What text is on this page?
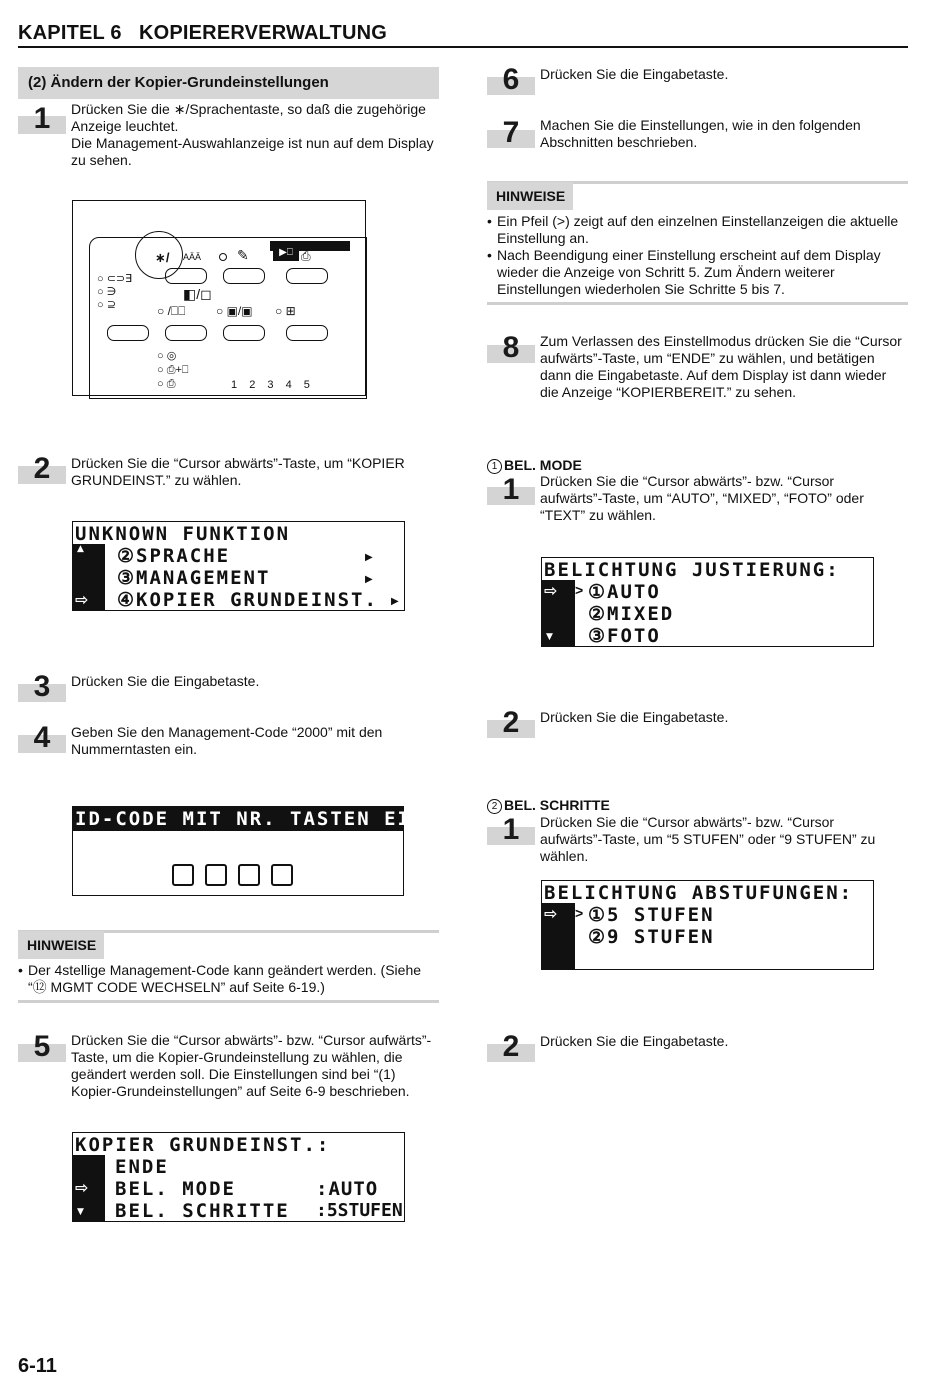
KAPITEL 6   KOPIERERVERWALTUNG
(2) Ändern der Kopier-Grundeinstellungen
1	Drücken Sie die ∗/Sprachentaste, so daß die zugehörige Anzeige leuchtet.
Die Management-Auswahlanzeige ist nun auf dem Display zu sehen.
∗/ AÄÄ	✎	▶⎕ ⎙
○ ⊂⊃∃
○ ∋
○ ⊇
◧/◻
○ /⎕⎕	○ ▣/▣ ○ ⊞
○ ◎
○ ⎙+⎕
○ ⎙	1 2 3 4 5
2	Drücken Sie die “Cursor abwärts”-Taste, um “KOPIER GRUNDEINST.” zu wählen.
▲
⇨
UNKNOWN FUNKTION
②SPRACHE
③MANAGEMENT
④KOPIER GRUNDEINST.
▶
▶
▶
3	Drücken Sie die Eingabetaste.
4	Geben Sie den Management-Code “2000” mit den Nummerntasten ein.
ID-CODE MIT NR. TASTEN EING.
HINWEISE
• Der 4stellige Management-Code kann geändert werden. (Siehe “⑫ MGMT CODE WECHSELN” auf Seite 6-19.)
5	Drücken Sie die “Cursor abwärts”- bzw. “Cursor aufwärts”-Taste, um die Kopier-Grundeinstellung zu wählen, die geändert werden soll. Die Einstellungen sind bei “(1) Kopier-Grundeinstellungen” auf Seite 6-9 beschrieben.
⇨
▼
KOPIER GRUNDEINST.:
ENDE
BEL. MODE
BEL. SCHRITTE
:AUTO
:5STUFEN
6	Drücken Sie die Eingabetaste.
7	Machen Sie die Einstellungen, wie in den folgenden Abschnitten beschrieben.
HINWEISE
• Ein Pfeil (>) zeigt auf den einzelnen Einstellanzeigen die aktuelle Einstellung an.
• Nach Beendigung einer Einstellung erscheint auf dem Display wieder die Anzeige von Schritt 5. Zum Ändern weiterer Einstellungen wiederholen Sie Schritte 5 bis 7.
8	Zum Verlassen des Einstellmodus drücken Sie die “Cursor aufwärts”-Taste, um “ENDE” zu wählen, und betätigen dann die Eingabetaste. Auf dem Display ist dann wieder die Anzeige “KOPIERBEREIT.” zu sehen.
1 BEL. MODE
1	Drücken Sie die “Cursor abwärts”- bzw. “Cursor aufwärts”-Taste, um “AUTO”, “MIXED”, “FOTO” oder “TEXT” zu wählen.
⇨
▼
BELICHTUNG JUSTIERUNG:
> ①AUTO
②MIXED
③FOTO
2	Drücken Sie die Eingabetaste.
2 BEL. SCHRITTE
1	Drücken Sie die “Cursor abwärts”- bzw. “Cursor aufwärts”-Taste, um “5 STUFEN” oder “9 STUFEN” zu wählen.
⇨
BELICHTUNG ABSTUFUNGEN:
> ①5 STUFEN
②9 STUFEN
2	Drücken Sie die Eingabetaste.
6-11
